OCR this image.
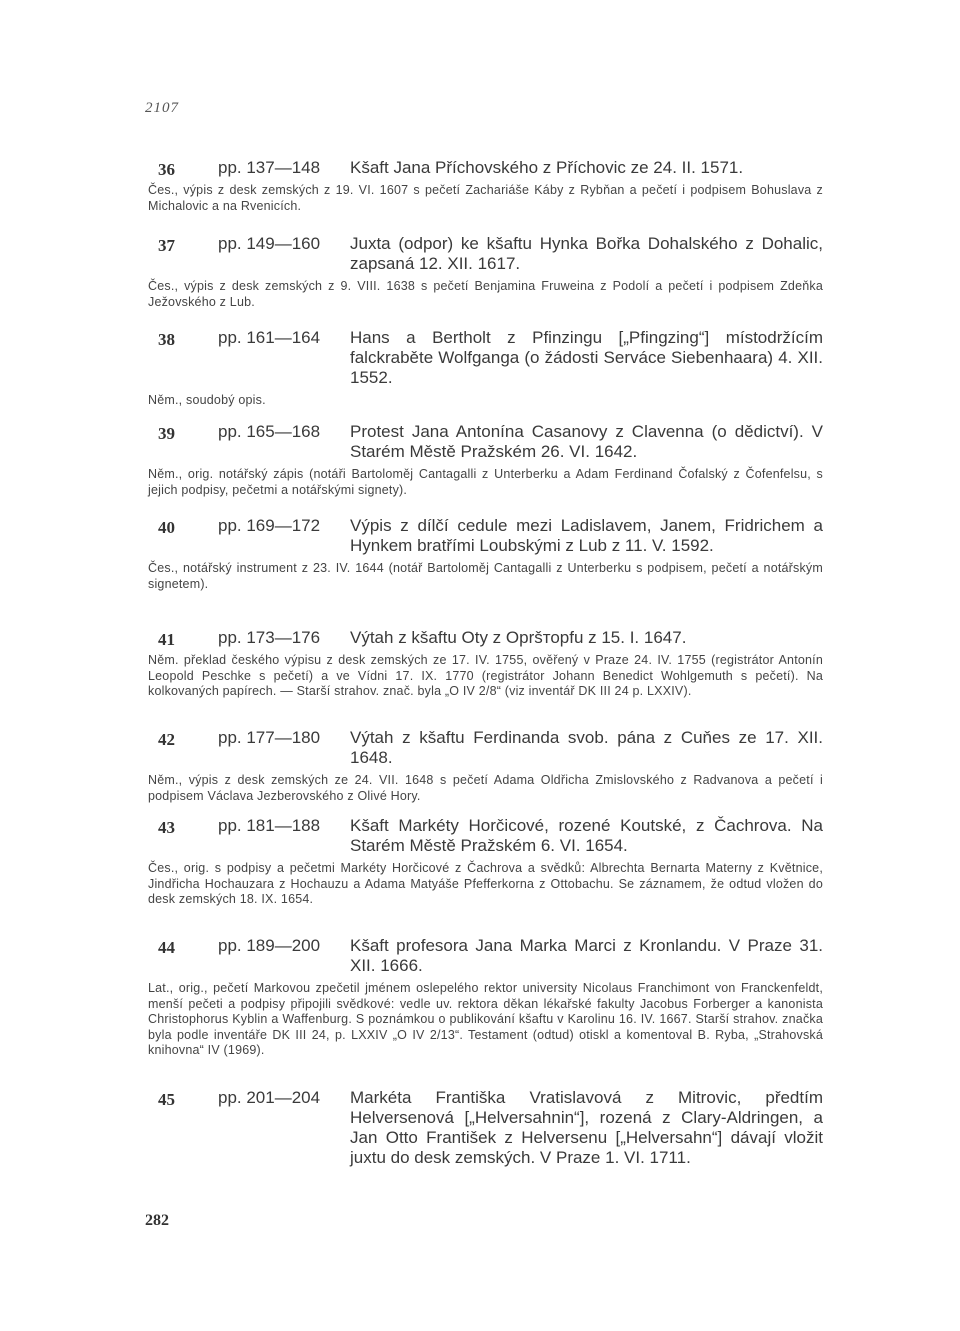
2107
36	pp. 137—148 Kšaft Jana Příchovského z Příchovic ze 24. II. 1571.
Čes., výpis z desk zemských z 19. VI. 1607 s pečetí Zachariáše Káby z Rybňan a pečetí i podpisem Bohuslava z Michalovic a na Rvenicích.
37	pp. 149—160 Juxta (odpor) ke kšaftu Hynka Bořka Dohalského z Dohalic, zapsaná 12. XII. 1617.
Čes., výpis z desk zemských z 9. VIII. 1638 s pečetí Benjamina Fruweina z Podolí a pečetí i podpisem Zdeňka Ježovského z Lub.
38	pp. 161—164 Hans a Bertholt z Pfinzingu [„Pfingzing“] místodržícím falckraběte Wolfganga (o žádosti Serváce Siebenhaara) 4. XII. 1552.
Něm., soudobý opis.
39	pp. 165—168 Protest Jana Antonína Casanovy z Clavenna (o dědictví). V Starém Městě Pražském 26. VI. 1642.
Něm., orig. notářský zápis (notáři Bartoloměj Cantagalli z Unterberku a Adam Ferdinand Čofalský z Čofenfelsu, s jejich podpisy, pečetmi a notářskými signety).
40	pp. 169—172 Výpis z dílčí cedule mezi Ladislavem, Janem, Fridrichem a Hynkem bratřími Loubskými z Lub z 11. V. 1592.
Čes., notářský instrument z 23. IV. 1644 (notář Bartoloměj Cantagalli z Unterberku s podpisem, pečetí a notářským signetem).
41	pp. 173—176 Výtah z kšaftu Oty z Opršторfu z 15. I. 1647.
Něm. překlad českého výpisu z desk zemských ze 17. IV. 1755, ověřený v Praze 24. IV. 1755 (registrátor Antonín Leopold Peschke s pečetí) a ve Vídni 17. IX. 1770 (registrátor Johann Benedict Wohlgemuth s pečetí). Na kolkovaných papírech. — Starší strahov. znač. byla „O IV 2/8“ (viz inventář DK III 24 p. LXXIV).
42	pp. 177—180 Výtah z kšaftu Ferdinanda svob. pána z Cuňes ze 17. XII. 1648.
Něm., výpis z desk zemských ze 24. VII. 1648 s pečetí Adama Oldřicha Zmislovského z Radvanova a pečetí i podpisem Václava Jezberovského z Olivé Hory.
43	pp. 181—188 Kšaft Markéty Horčicové, rozené Koutské, z Čachrova. Na Starém Městě Pražském 6. VI. 1654.
Čes., orig. s podpisy a pečetmi Markéty Horčicové z Čachrova a svědků: Albrechta Bernarta Materny z Květnice, Jindřicha Hochauzara z Hochauzu a Adama Matyáše Pfefferkorna z Ottobachu. Se záznamem, že odtud vložen do desk zemských 18. IX. 1654.
44	pp. 189—200 Kšaft profesora Jana Marka Marci z Kronlandu. V Praze 31. XII. 1666.
Lat., orig., pečetí Markovou zpečetil jménem oslepelého rektor university Nicolaus Franchimont von Franckenfeldt, menší pečeti a podpisy připojili svědkové: vedle uv. rektora děkan lékařské fakulty Jacobus Forberger a kanonista Christophorus Kyblin a Waffenburg. S poznámkou o publikování kšaftu v Karolinu 16. IV. 1667. Starší strahov. značka byla podle inventáře DK III 24, p. LXXIV „O IV 2/13“. Testament (odtud) otiskl a komentoval B. Ryba, „Strahovská knihovna“ IV (1969).
45	pp. 201—204 Markéta Františka Vratislavová z Mitrovic, předtím Helversenová [„Helversahnin“], rozená z Clary-Aldringen, a Jan Otto František z Helversenu [„Helversahn“] dávají vložit juxtu do desk zemských. V Praze 1. VI. 1711.
282
